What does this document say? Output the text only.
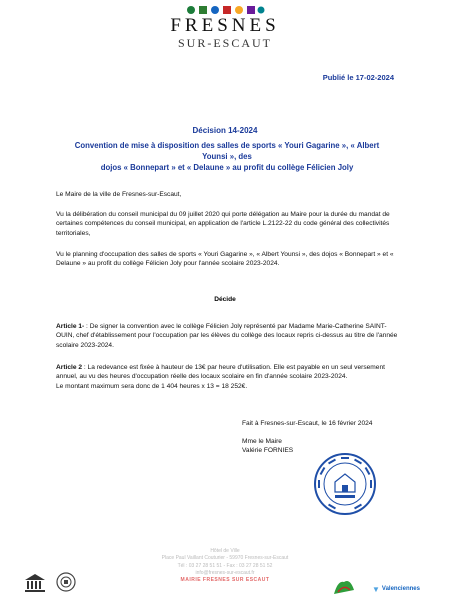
FRESNES
SUR-ESCAUT
Publié le 17-02-2024
Décision 14-2024
Convention de mise à disposition des salles de sports « Youri Gagarine », « Albert Younsi », des
dojos « Bonnepart » et « Delaune » au profit du collège Félicien Joly
Le Maire de la ville de Fresnes-sur-Escaut,
Vu la délibération du conseil municipal du 09 juillet 2020 qui porte délégation au Maire pour la durée du mandat de certaines compétences du conseil municipal, en application de l'article L.2122-22 du code général des collectivités territoriales,
Vu le planning d'occupation des salles de sports « Youri Gagarine », « Albert Younsi », des dojos « Bonnepart » et « Delaune » au profit du collège Félicien Joly pour l'année scolaire 2023-2024.
Décide
Article 1- : De signer la convention avec le collège Félicien Joly représenté par Madame Marie-Catherine SAINT-OUIN, chef d'établissement pour l'occupation par les élèves du collège des locaux repris ci-dessus au titre de l'année scolaire 2023-2024.
Article 2 : La redevance est fixée à hauteur de 13€ par heure d'utilisation. Elle est payable en un seul versement annuel, au vu des heures d'occupation réelle des locaux scolaire en fin d'année scolaire 2023-2024.
Le montant maximum sera donc de 1 404 heures x 13 = 18 252€.
Fait à Fresnes-sur-Escaut, le 16 février 2024
Mme le Maire
Valérie FORNIES
Hôtel de Ville
Place Paul Vaillant Couturier - 59970 Fresnes-sur-Escaut
Tél : 03 27 28 51 51 - Fax : 03 27 28 51 52
info@fresnes-sur-escaut.fr
MAIRIE FRESNES SUR ESCAUT
▼ Valenciennes
